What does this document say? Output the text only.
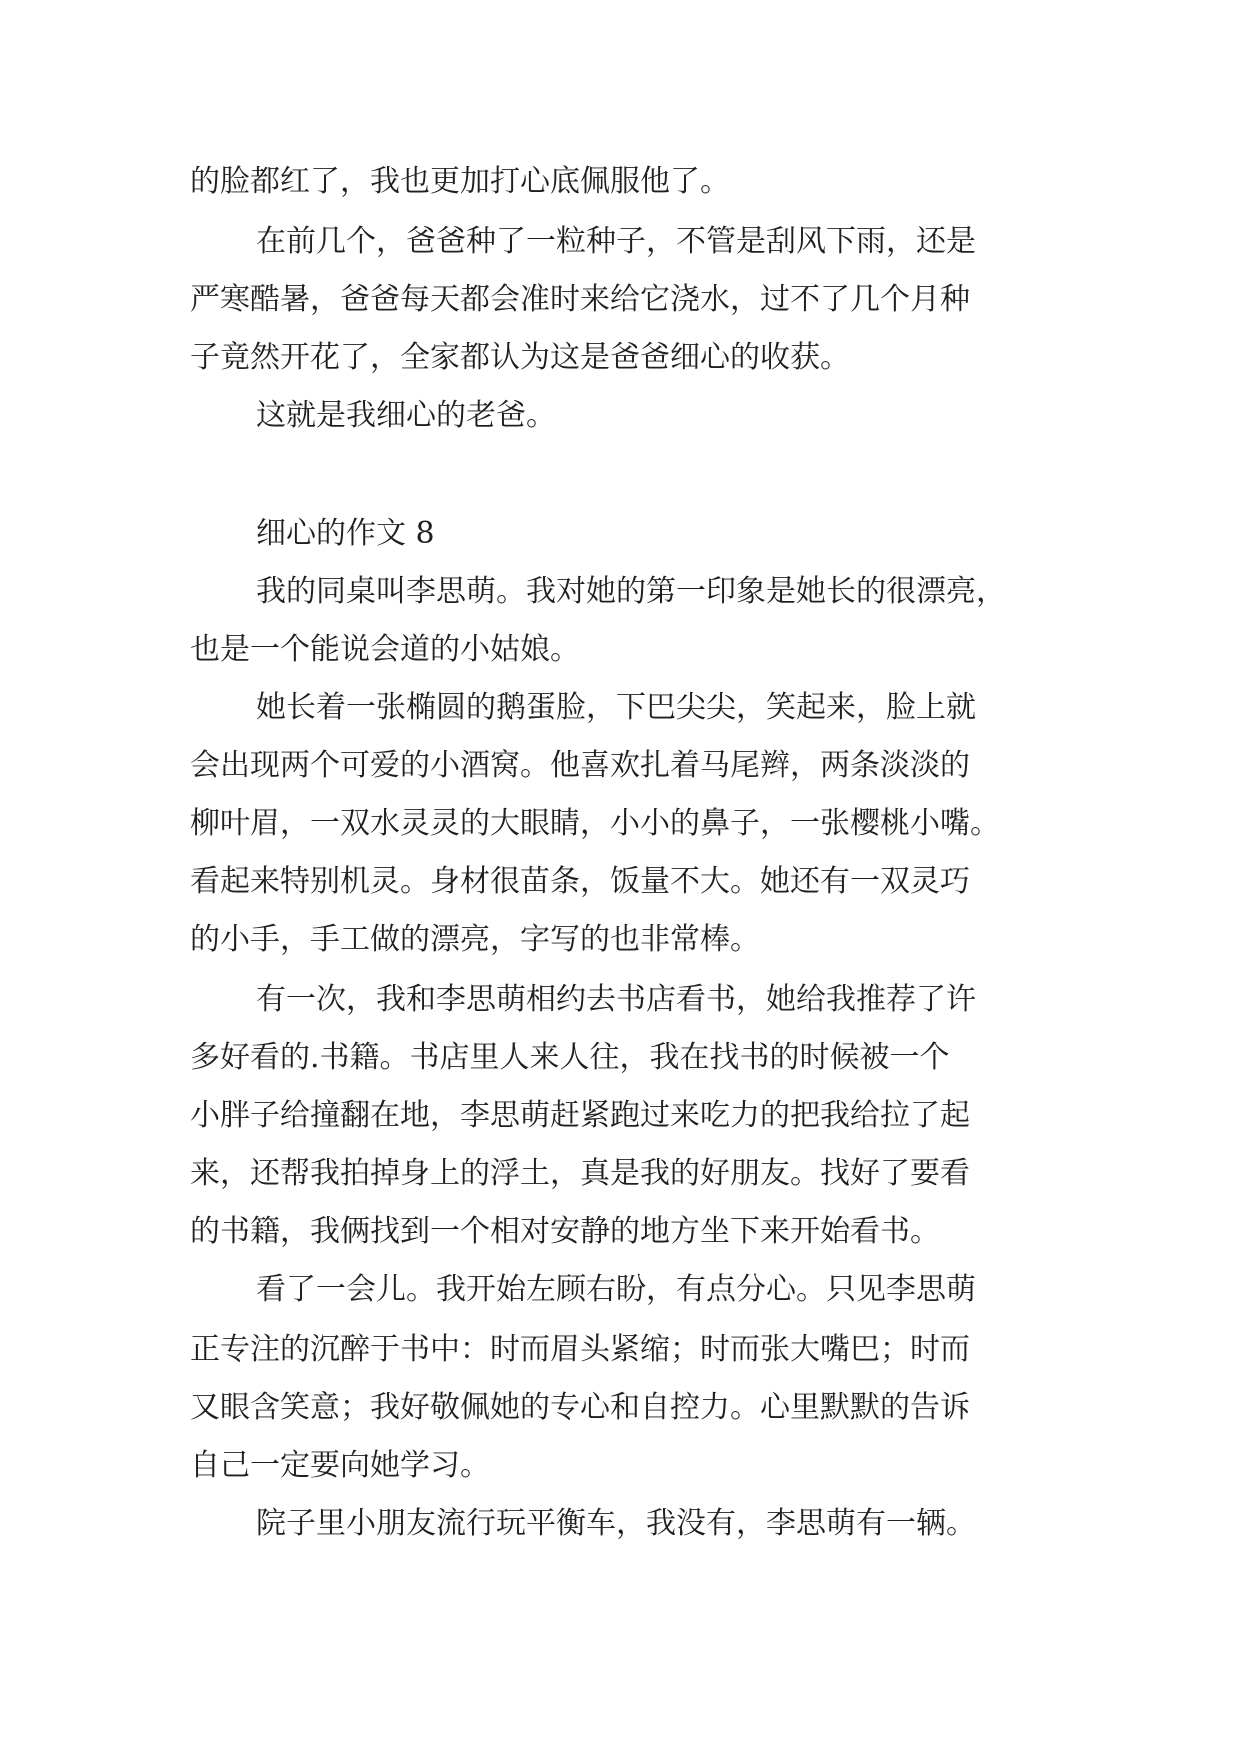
的脸都红了，我也更加打心底佩服他了。

在前几个，爸爸种了一粒种子，不管是刮风下雨，还是

严寒酷暑，爸爸每天都会准时来给它浇水，过不了几个月种

子竟然开花了，全家都认为这是爸爸细心的收获。

这就是我细心的老爸。

细心的作文 8

我的同桌叫李思萌。我对她的第一印象是她长的很漂亮，

也是一个能说会道的小姑娘。

她长着一张椭圆的鹅蛋脸，下巴尖尖，笑起来，脸上就

会出现两个可爱的小酒窝。他喜欢扎着马尾辫，两条淡淡的

柳叶眉，一双水灵灵的大眼睛，小小的鼻子，一张樱桃小嘴。

看起来特别机灵。身材很苗条，饭量不大。她还有一双灵巧

的小手，手工做的漂亮，字写的也非常棒。

有一次，我和李思萌相约去书店看书，她给我推荐了许

多好看的.书籍。书店里人来人往，我在找书的时候被一个

小胖子给撞翻在地，李思萌赶紧跑过来吃力的把我给拉了起

来，还帮我拍掉身上的浮土，真是我的好朋友。找好了要看

的书籍，我俩找到一个相对安静的地方坐下来开始看书。

看了一会儿。我开始左顾右盼，有点分心。只见李思萌

正专注的沉醉于书中：时而眉头紧缩；时而张大嘴巴；时而

又眼含笑意；我好敬佩她的专心和自控力。心里默默的告诉

自己一定要向她学习。

院子里小朋友流行玩平衡车，我没有，李思萌有一辆。
